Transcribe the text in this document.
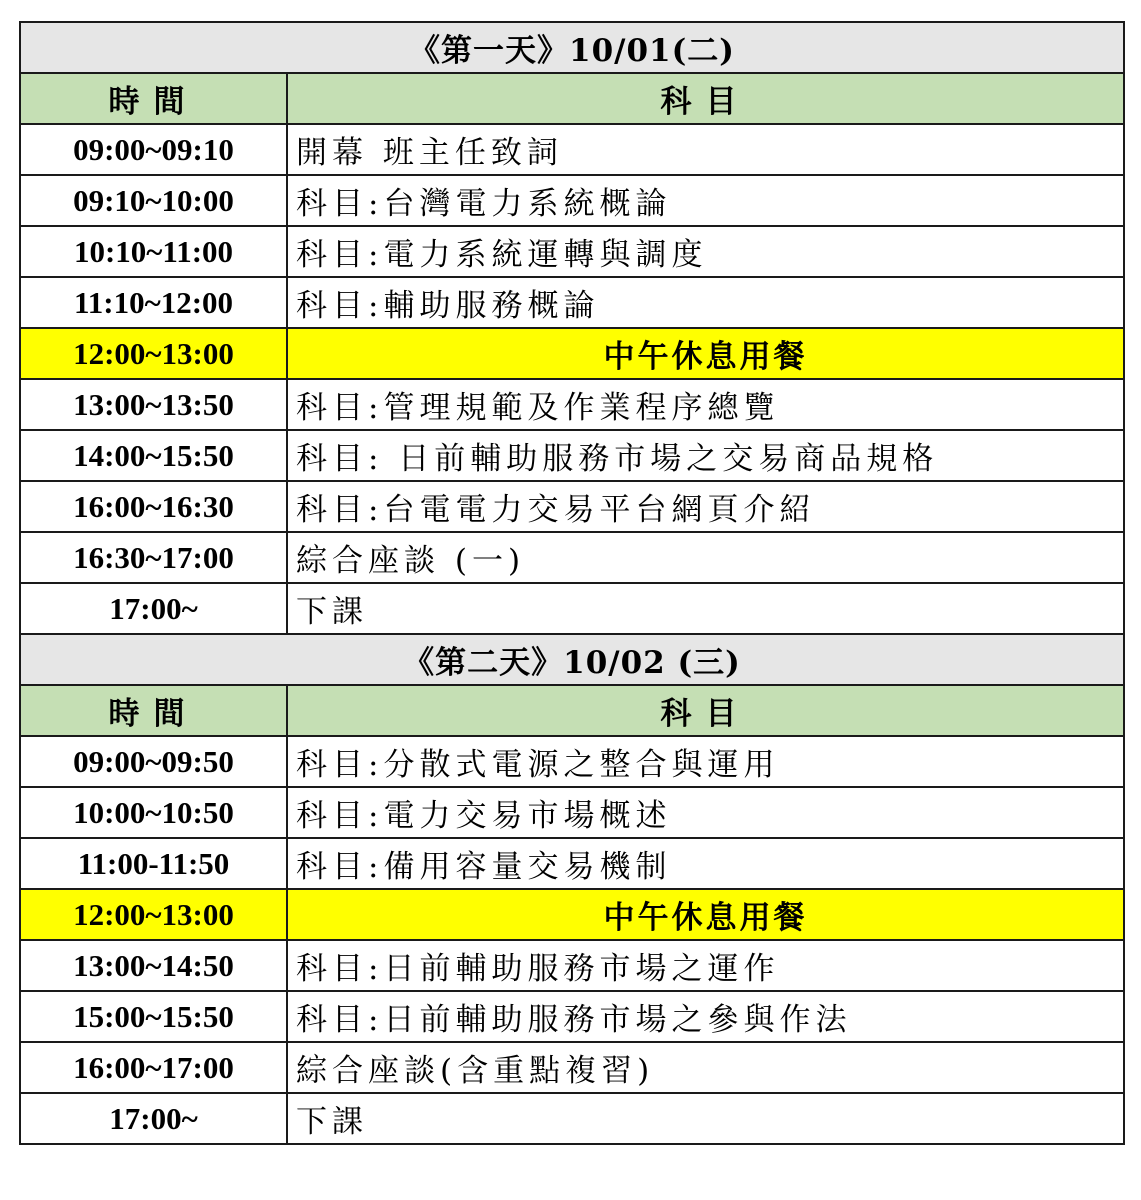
《第一天》10/01(二)	
時間	科目
09:00~09:10	開幕 班主任致詞
09:10~10:00	科目:台灣電力系統概論
10:10~11:00	科目:電力系統運轉與調度
11:10~12:00	科目:輔助服務概論
12:00~13:00	中午休息用餐
13:00~13:50	科目:管理規範及作業程序總覽
14:00~15:50	科目: 日前輔助服務市場之交易商品規格
16:00~16:30	科目:台電電力交易平台網頁介紹
16:30~17:00	綜合座談 (一)
17:00~	下課
《第二天》10/02 (三)	
時間	科目
09:00~09:50	科目:分散式電源之整合與運用
10:00~10:50	科目:電力交易市場概述
11:00-11:50	科目:備用容量交易機制
12:00~13:00	中午休息用餐
13:00~14:50	科目:日前輔助服務市場之運作
15:00~15:50	科目:日前輔助服務市場之參與作法
16:00~17:00	綜合座談(含重點複習)
17:00~	下課
